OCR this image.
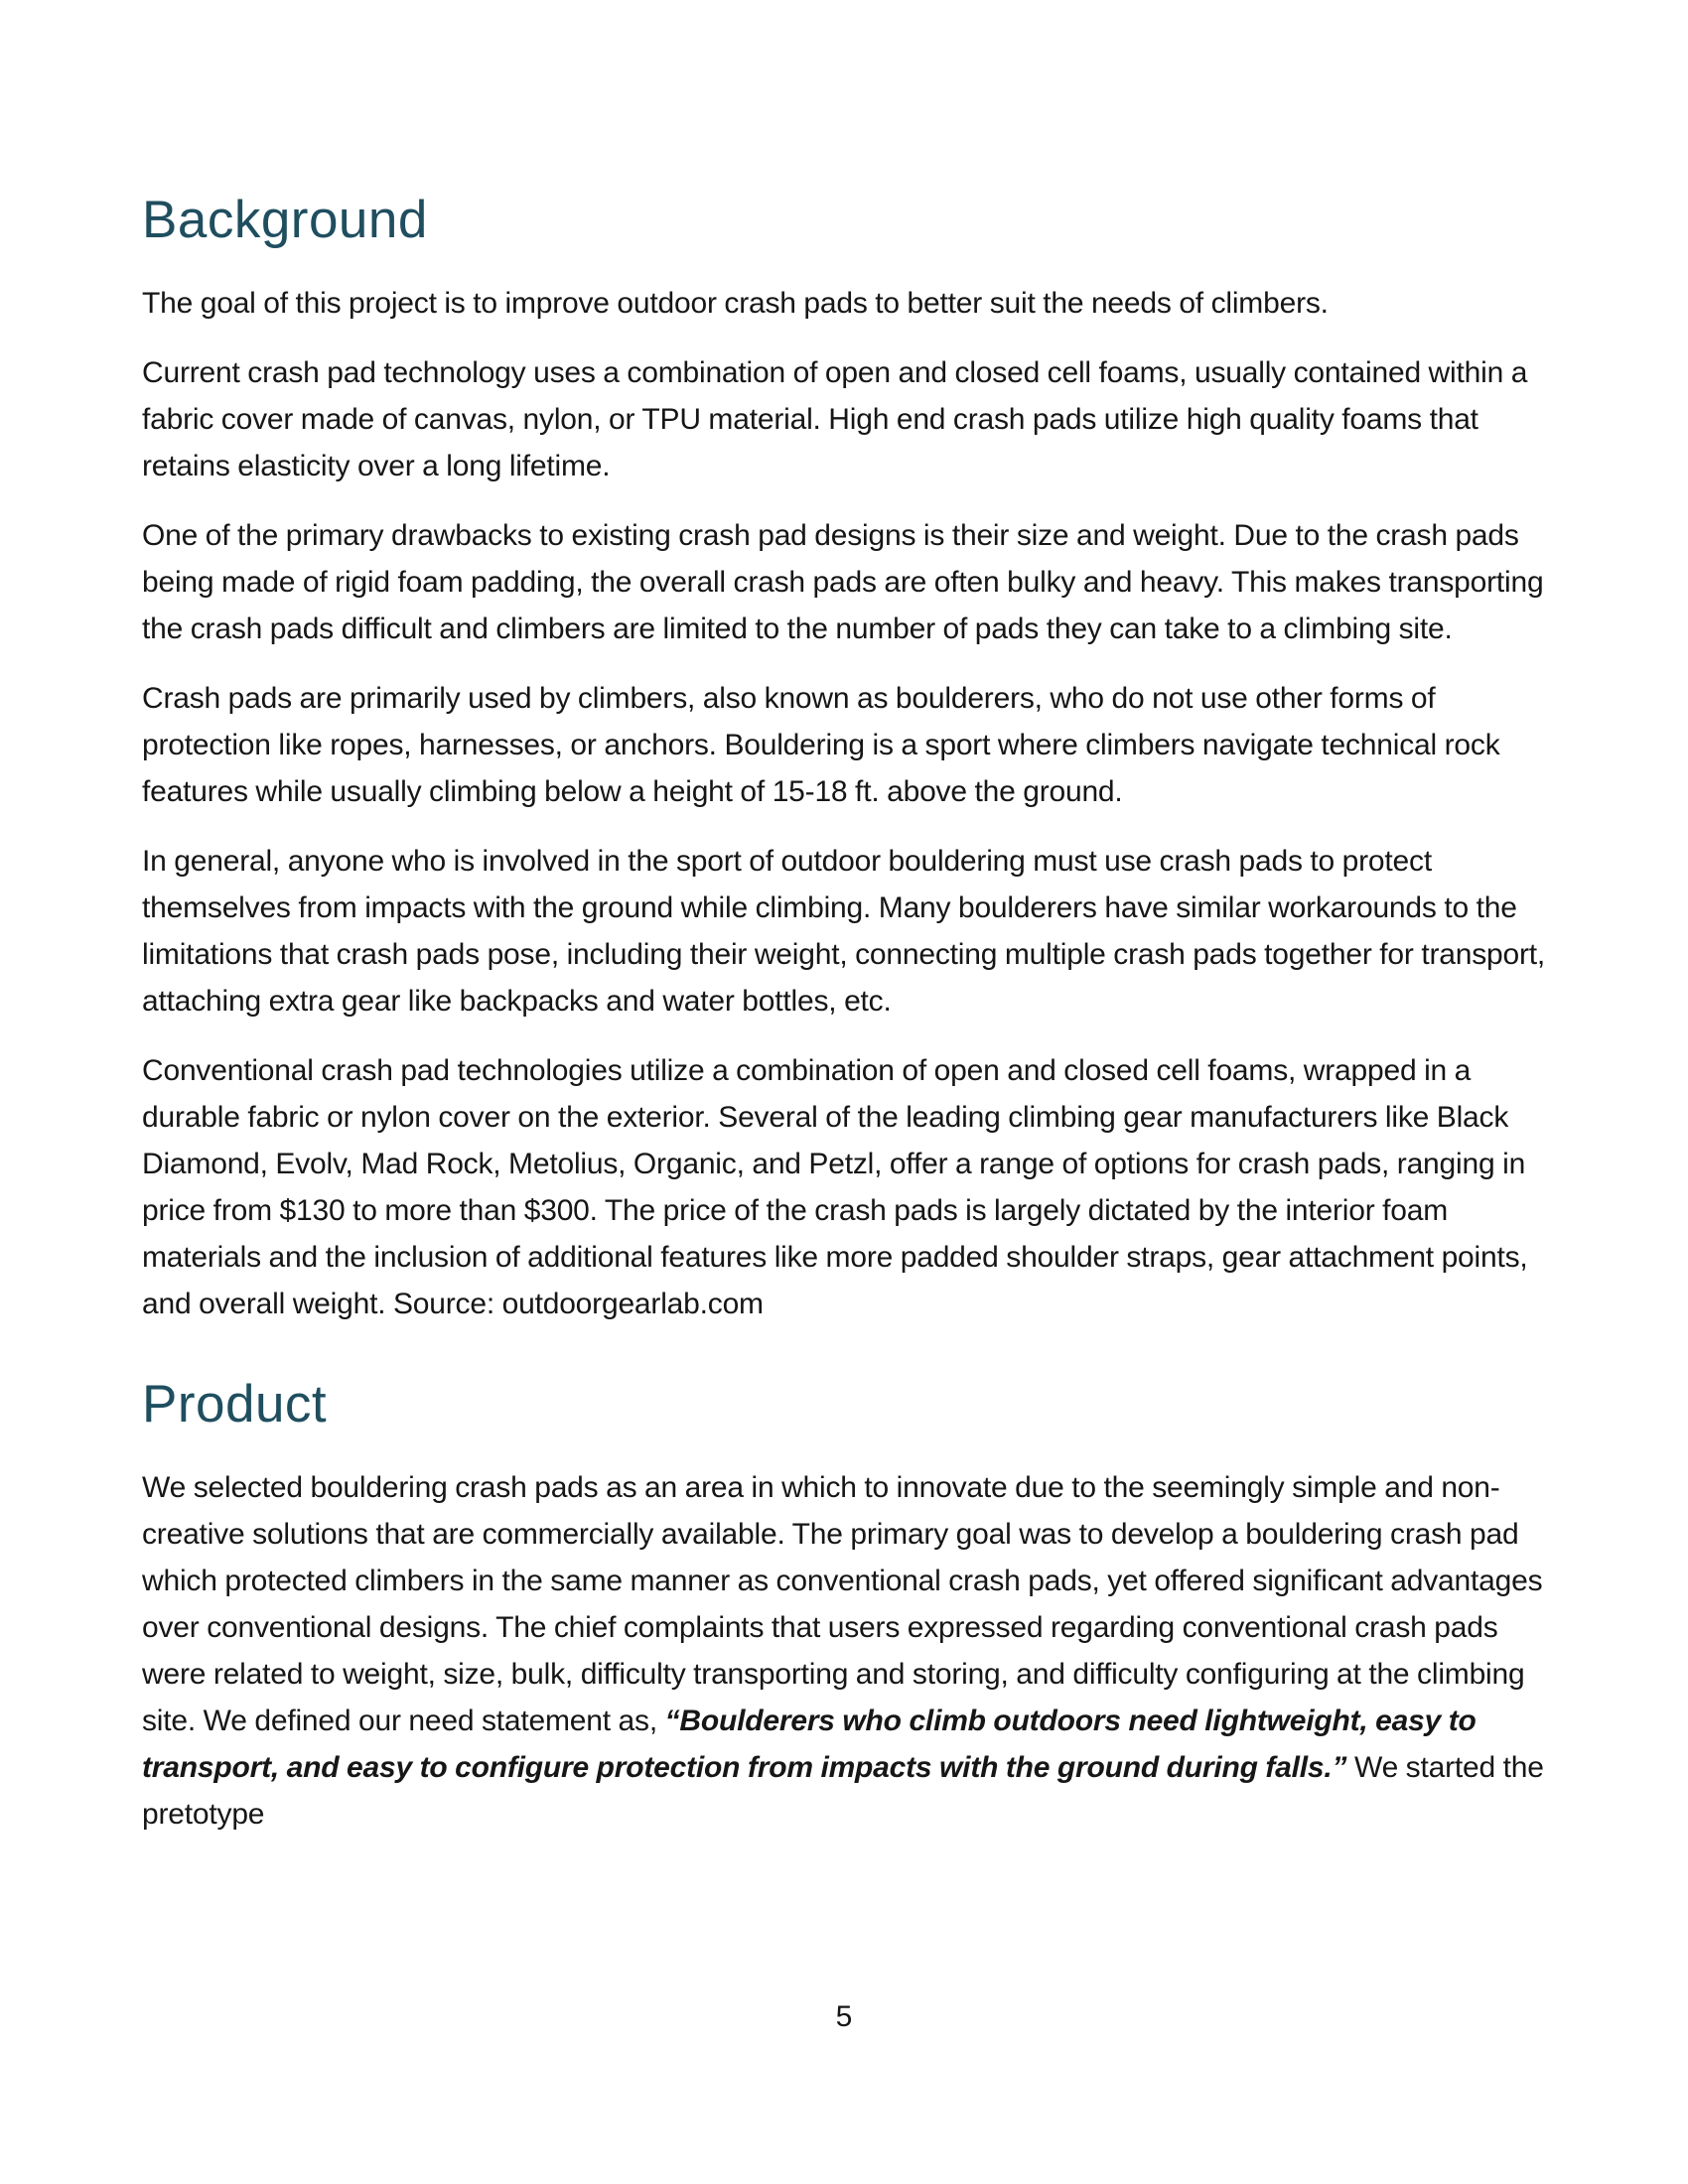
Background

The goal of this project is to improve outdoor crash pads to better suit the needs of climbers.

Current crash pad technology uses a combination of open and closed cell foams, usually contained within a fabric cover made of canvas, nylon, or TPU material. High end crash pads utilize high quality foams that retains elasticity over a long lifetime.

One of the primary drawbacks to existing crash pad designs is their size and weight. Due to the crash pads being made of rigid foam padding, the overall crash pads are often bulky and heavy. This makes transporting the crash pads difficult and climbers are limited to the number of pads they can take to a climbing site.

Crash pads are primarily used by climbers, also known as boulderers, who do not use other forms of protection like ropes, harnesses, or anchors. Bouldering is a sport where climbers navigate technical rock features while usually climbing below a height of 15-18 ft. above the ground.

In general, anyone who is involved in the sport of outdoor bouldering must use crash pads to protect themselves from impacts with the ground while climbing. Many boulderers have similar workarounds to the limitations that crash pads pose, including their weight, connecting multiple crash pads together for transport, attaching extra gear like backpacks and water bottles, etc.

Conventional crash pad technologies utilize a combination of open and closed cell foams, wrapped in a durable fabric or nylon cover on the exterior. Several of the leading climbing gear manufacturers like Black Diamond, Evolv, Mad Rock, Metolius, Organic, and Petzl, offer a range of options for crash pads, ranging in price from $130 to more than $300. The price of the crash pads is largely dictated by the interior foam materials and the inclusion of additional features like more padded shoulder straps, gear attachment points, and overall weight. Source: outdoorgearlab.com

Product

We selected bouldering crash pads as an area in which to innovate due to the seemingly simple and non-creative solutions that are commercially available. The primary goal was to develop a bouldering crash pad which protected climbers in the same manner as conventional crash pads, yet offered significant advantages over conventional designs. The chief complaints that users expressed regarding conventional crash pads were related to weight, size, bulk, difficulty transporting and storing, and difficulty configuring at the climbing site. We defined our need statement as, “Boulderers who climb outdoors need lightweight, easy to transport, and easy to configure protection from impacts with the ground during falls.” We started the pretotype

5
